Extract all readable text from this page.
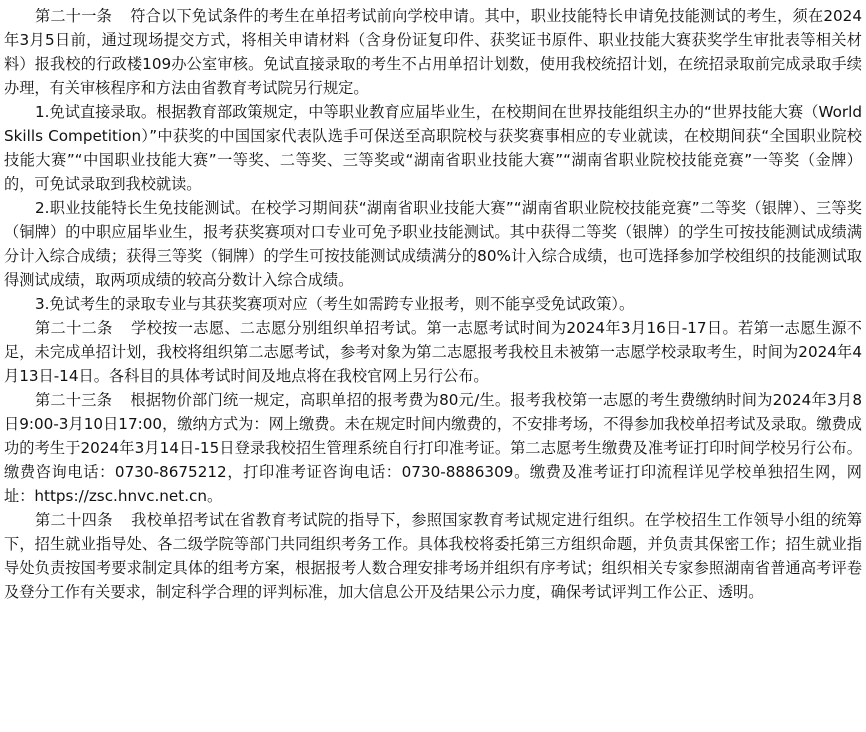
第二十一条 符合以下免试条件的考生在单招考试前向学校申请。其中，职业技能特长申请免技能测试的考生，须在2024年3月5日前，通过现场提交方式，将相关申请材料（含身份证复印件、获奖证书原件、职业技能大赛获奖学生审批表等相关材料）报我校的行政楼109办公室审核。免试直接录取的考生不占用单招计划数，使用我校统招计划，在统招录取前完成录取手续办理，有关审核程序和方法由省教育考试院另行规定。

1.免试直接录取。根据教育部政策规定，中等职业教育应届毕业生，在校期间在世界技能组织主办的“世界技能大赛（World Skills Competition）”中获奖的中国国家代表队选手可保送至高职院校与获奖赛事相应的专业就读，在校期间获“全国职业院校技能大赛”“中国职业技能大赛”一等奖、二等奖、三等奖或“湖南省职业技能大赛”“湖南省职业院校技能竞赛”一等奖（金牌）的，可免试录取到我校就读。

2.职业技能特长生免技能测试。在校学习期间获“湖南省职业技能大赛”“湖南省职业院校技能竞赛”二等奖（银牌）、三等奖（铜牌）的中职应届毕业生，报考获奖赛项对口专业可免予职业技能测试。其中获得二等奖（银牌）的学生可按技能测试成绩满分计入综合成绩；获得三等奖（铜牌）的学生可按技能测试成绩满分的80%计入综合成绩，也可选择参加学校组织的技能测试取得测试成绩，取两项成绩的较高分数计入综合成绩。

3.免试考生的录取专业与其获奖赛项对应（考生如需跨专业报考，则不能享受免试政策）。

第二十二条 学校按一志愿、二志愿分别组织单招考试。第一志愿考试时间为2024年3月16日-17日。若第一志愿生源不足，未完成单招计划，我校将组织第二志愿考试，参考对象为第二志愿报考我校且未被第一志愿学校录取考生，时间为2024年4月13日-14日。各科目的具体考试时间及地点将在我校官网上另行公布。

第二十三条 根据物价部门统一规定，高职单招的报考费为80元/生。报考我校第一志愿的考生费缴纳时间为2024年3月8日9:00-3月10日17:00，缴纳方式为：网上缴费。未在规定时间内缴费的，不安排考场，不得参加我校单招考试及录取。缴费成功的考生于2024年3月14日-15日登录我校招生管理系统自行打印准考证。第二志愿考生缴费及准考证打印时间学校另行公布。缴费咨询电话：0730-8675212，打印准考证咨询电话：0730-8886309。缴费及准考证打印流程详见学校单独招生网，网址：https://zsc.hnvc.net.cn。

第二十四条 我校单招考试在省教育考试院的指导下，参照国家教育考试规定进行组织。在学校招生工作领导小组的统筹下，招生就业指导处、各二级学院等部门共同组织考务工作。具体我校将委托第三方组织命题，并负责其保密工作；招生就业指导处负责按国考要求制定具体的组考方案，根据报考人数合理安排考场并组织有序考试；组织相关专家参照湖南省普通高考评卷及登分工作有关要求，制定科学合理的评判标准，加大信息公开及结果公示力度，确保考试评判工作公正、透明。
